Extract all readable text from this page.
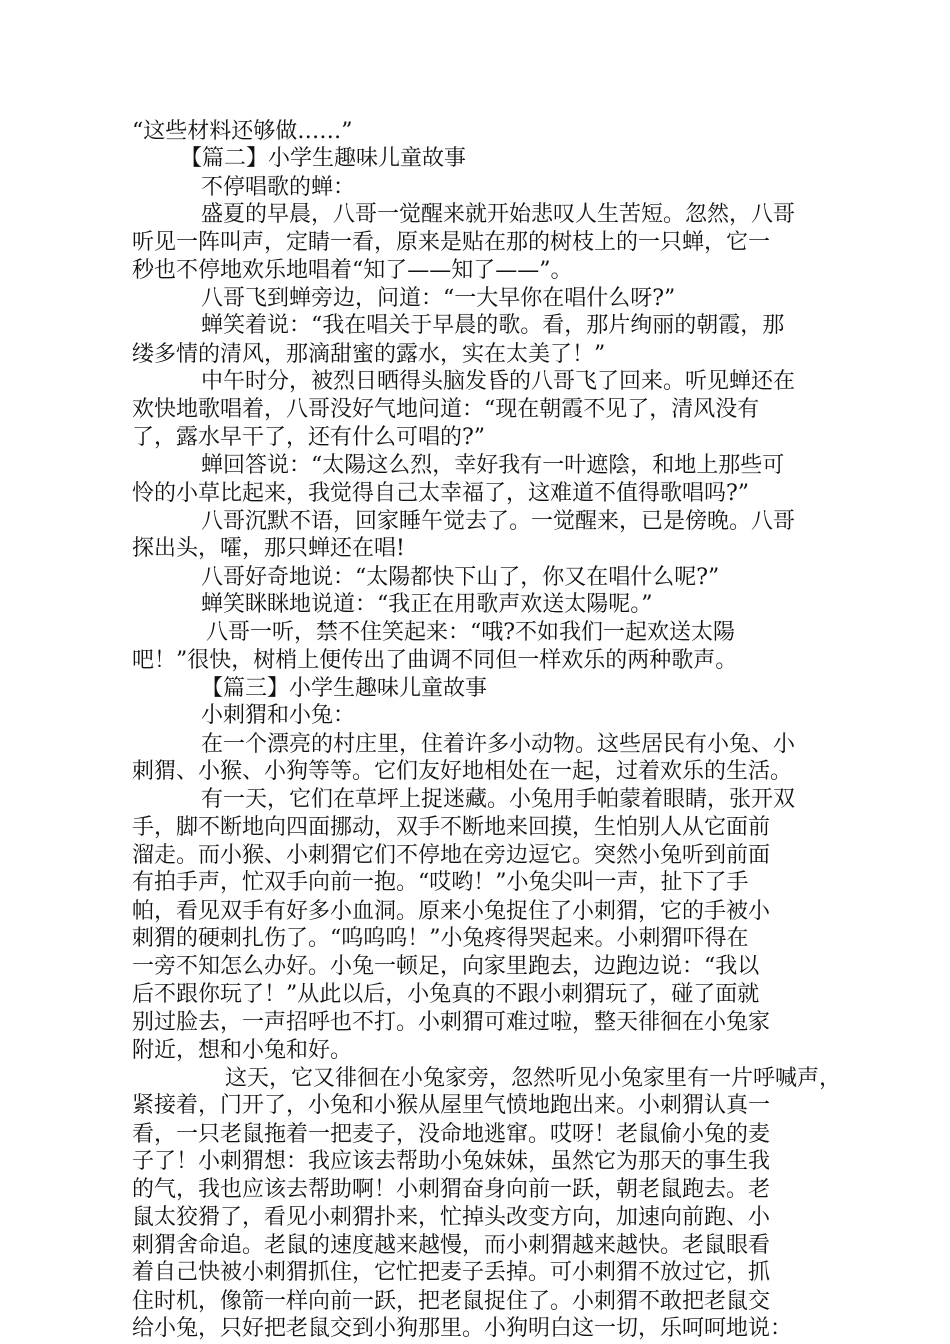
“这些材料还够做……”
【篇二】小学生趣味儿童故事
不停唱歌的蝉：
盛夏的早晨，八哥一觉醒来就开始悲叹人生苦短。忽然，八哥
听见一阵叫声，定睛一看，原来是贴在那的树枝上的一只蝉，它一
秒也不停地欢乐地唱着“知了——知了——”。
八哥飞到蝉旁边，问道：“一大早你在唱什么呀?”
蝉笑着说：“我在唱关于早晨的歌。看，那片绚丽的朝霞，那
缕多情的清风，那滴甜蜜的露水，实在太美了！”
中午时分，被烈日晒得头脑发昏的八哥飞了回来。听见蝉还在
欢快地歌唱着，八哥没好气地问道：“现在朝霞不见了，清风没有
了，露水早干了，还有什么可唱的?”
蝉回答说：“太陽这么烈，幸好我有一叶遮陰，和地上那些可
怜的小草比起来，我觉得自己太幸福了，这难道不值得歌唱吗?”
八哥沉默不语，回家睡午觉去了。一觉醒来，已是傍晚。八哥
探出头，嚯，那只蝉还在唱!
八哥好奇地说：“太陽都快下山了，你又在唱什么呢?”
蝉笑眯眯地说道：“我正在用歌声欢送太陽呢。”
八哥一听，禁不住笑起来：“哦?不如我们一起欢送太陽
吧！”很快，树梢上便传出了曲调不同但一样欢乐的两种歌声。
【篇三】小学生趣味儿童故事
小刺猬和小兔：
在一个漂亮的村庄里，住着许多小动物。这些居民有小兔、小
刺猬、小猴、小狗等等。它们友好地相处在一起，过着欢乐的生活。
有一天，它们在草坪上捉迷藏。小兔用手帕蒙着眼睛，张开双
手，脚不断地向四面挪动，双手不断地来回摸，生怕别人从它面前
溜走。而小猴、小刺猬它们不停地在旁边逗它。突然小兔听到前面
有拍手声，忙双手向前一抱。“哎哟！”小兔尖叫一声，扯下了手
帕，看见双手有好多小血洞。原来小兔捉住了小刺猬，它的手被小
刺猬的硬刺扎伤了。“呜呜呜！”小兔疼得哭起来。小刺猬吓得在
一旁不知怎么办好。小兔一顿足，向家里跑去，边跑边说：“我以
后不跟你玩了！”从此以后，小兔真的不跟小刺猬玩了，碰了面就
别过脸去，一声招呼也不打。小刺猬可难过啦，整天徘徊在小兔家
附近，想和小兔和好。
这天，它又徘徊在小兔家旁，忽然听见小兔家里有一片呼喊声，
紧接着，门开了，小兔和小猴从屋里气愤地跑出来。小刺猬认真一
看，一只老鼠拖着一把麦子，没命地逃窜。哎呀！老鼠偷小兔的麦
子了！小刺猬想：我应该去帮助小兔妹妹，虽然它为那天的事生我
的气，我也应该去帮助啊！小刺猬奋身向前一跃，朝老鼠跑去。老
鼠太狡猾了，看见小刺猬扑来，忙掉头改变方向，加速向前跑、小
刺猬舍命追。老鼠的速度越来越慢，而小刺猬越来越快。老鼠眼看
着自己快被小刺猬抓住，它忙把麦子丢掉。可小刺猬不放过它，抓
住时机，像箭一样向前一跃，把老鼠捉住了。小刺猬不敢把老鼠交
给小兔，只好把老鼠交到小狗那里。小狗明白这一切，乐呵呵地说：
